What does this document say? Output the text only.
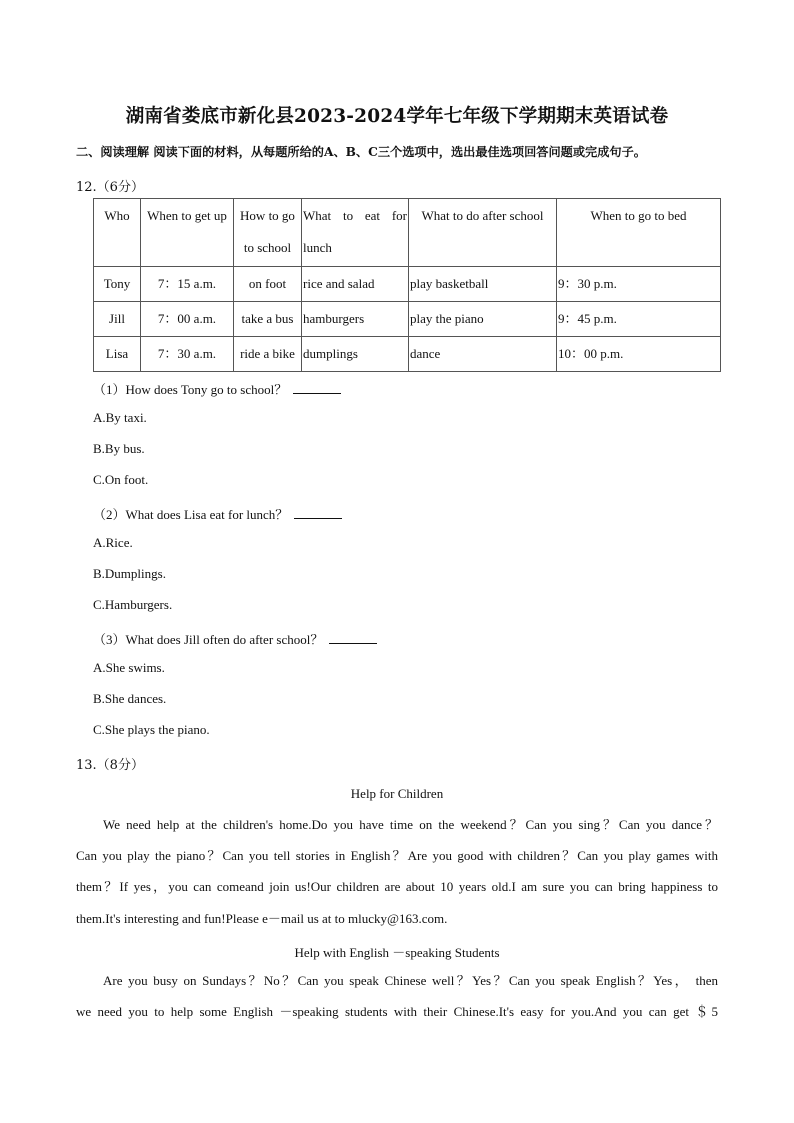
湖南省娄底市新化县2023-2024学年七年级下学期期末英语试卷
二、阅读理解 阅读下面的材料，从每题所给的A、B、C三个选项中，选出最佳选项回答问题或完成句子。
12.（6分）
Who	When to get up	How to go to school	What to eat for lunch	What to do after school	When to go to bed
Tony	7：15 a.m.	on foot	rice and salad	play basketball	9：30 p.m.
Jill	7：00 a.m.	take a bus	hamburgers	play the piano	9：45 p.m.
Lisa	7：30 a.m.	ride a bike	dumplings	dance	10：00 p.m.
（1）How does Tony go to school？
A.By taxi.
B.By bus.
C.On foot.
（2）What does Lisa eat for lunch？
A.Rice.
B.Dumplings.
C.Hamburgers.
（3）What does Jill often do after school？
A.She swims.
B.She dances.
C.She plays the piano.
13.（8分）
Help for Children
We need help at the children's home.Do you have time on the weekend？Can you sing？Can you dance？
Can you play the piano？Can you tell stories in English？Are you good with children？Can you play games with
them？If yes，you can comeand join us!Our children are about 10 years old.I am sure you can bring happiness to
them.It's interesting and fun!Please e－mail us at to mlucky@163.com.
Help with English －speaking Students
Are you busy on Sundays？No？Can you speak Chinese well？Yes？Can you speak English？Yes， then
we need you to help some English －speaking students with their Chinese.It's easy for you.And you can get ＄5
